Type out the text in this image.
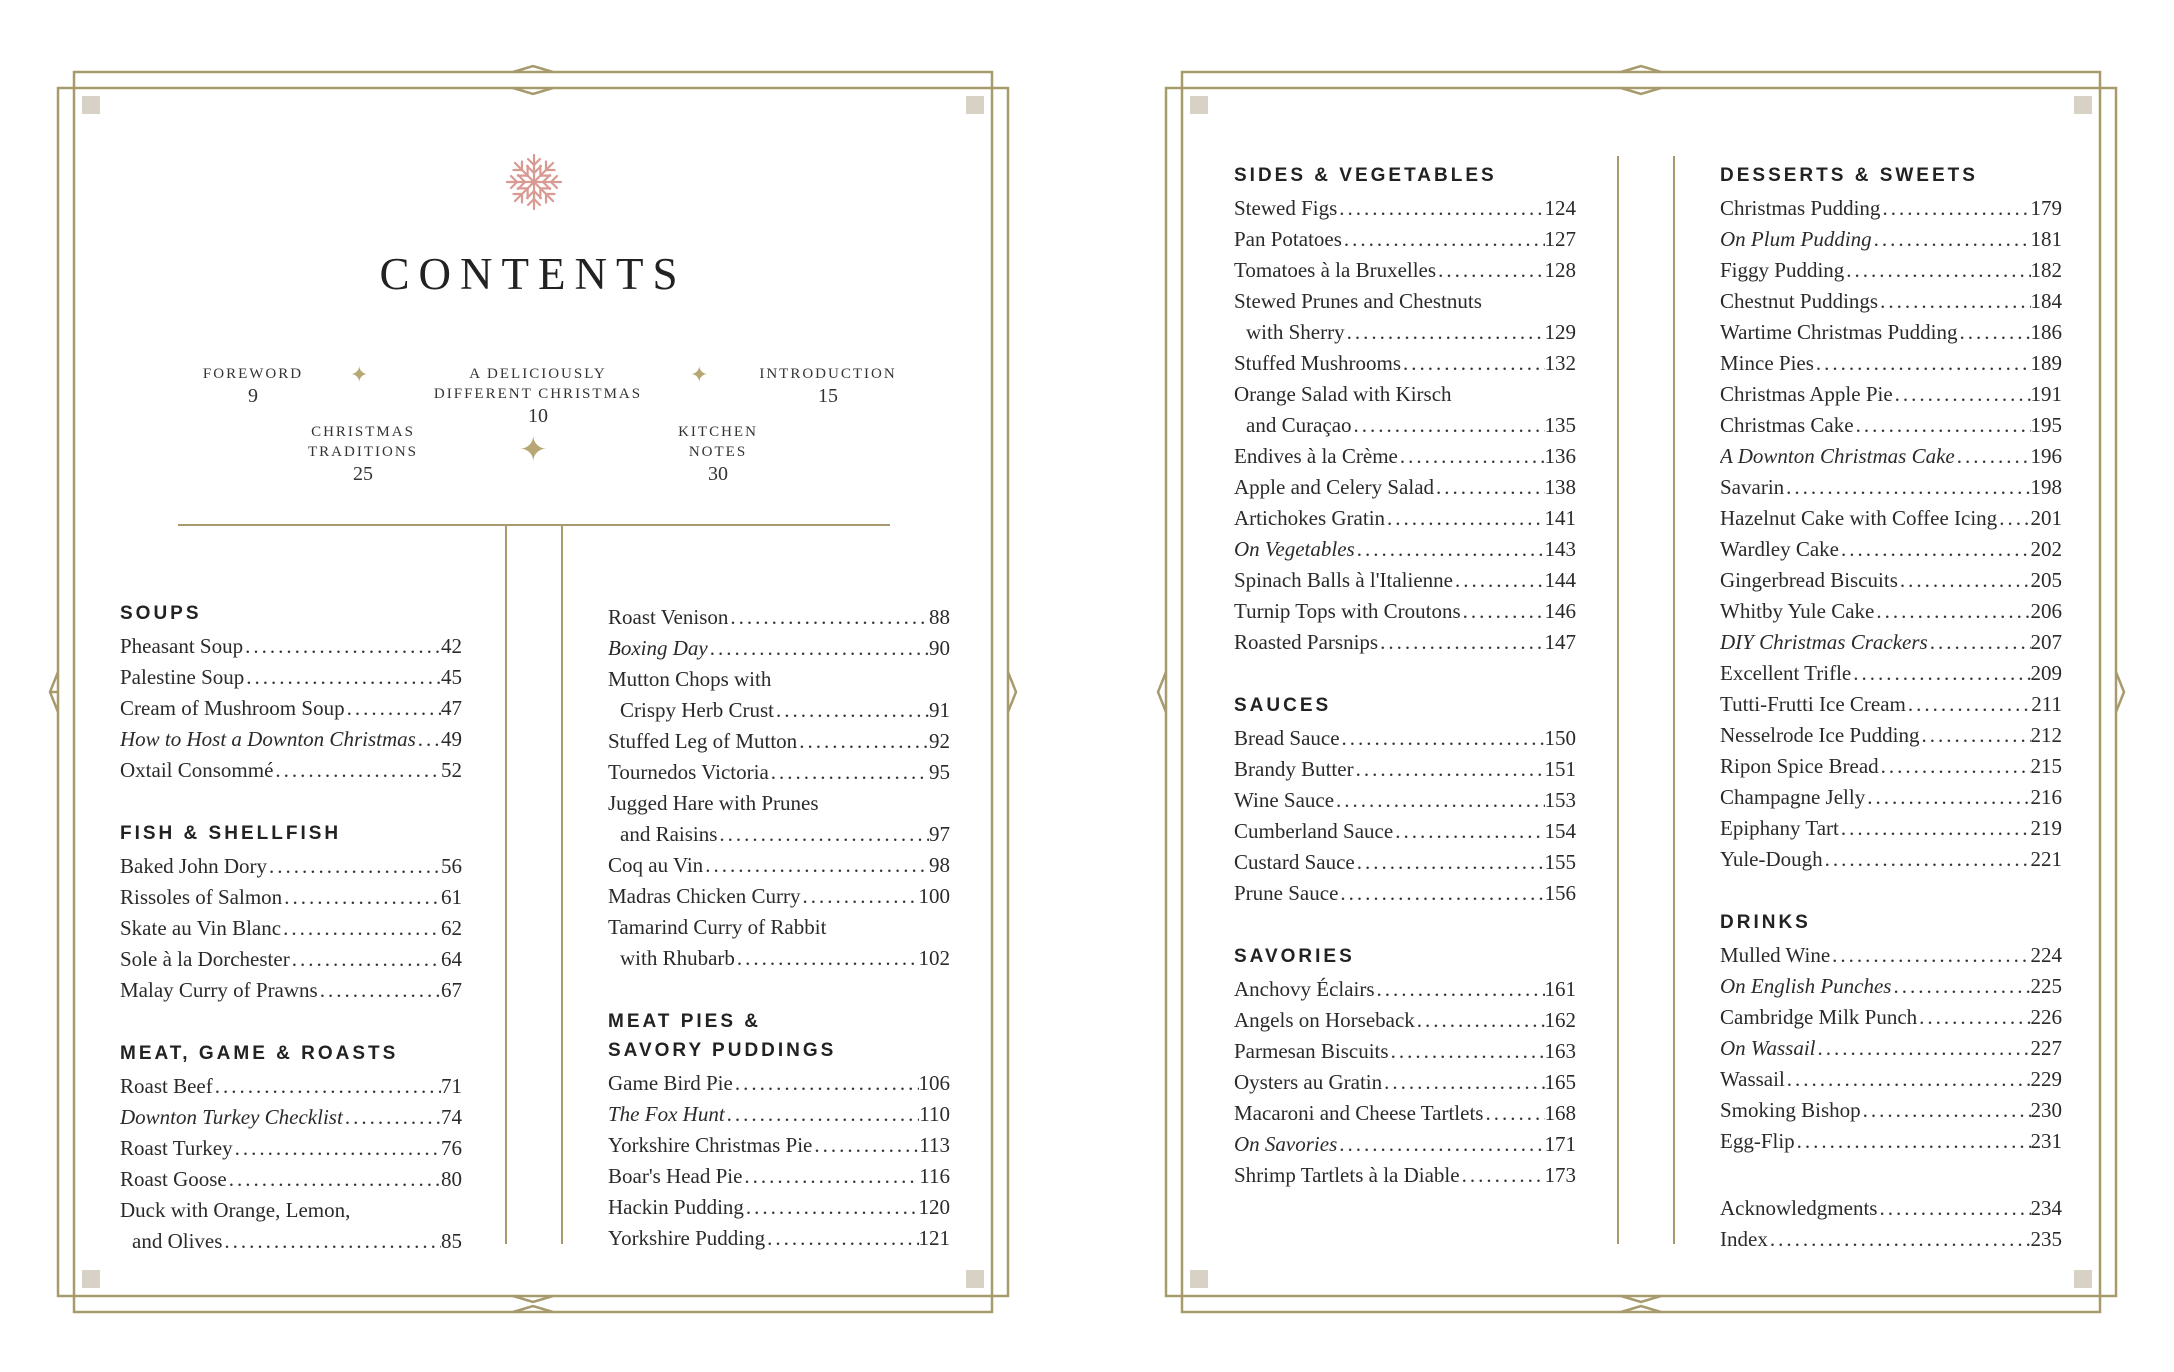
CONTENTS
FOREWORD
9
A DELICIOUSLY
DIFFERENT CHRISTMAS
10
INTRODUCTION
15
CHRISTMAS
TRADITIONS
25
KITCHEN
NOTES
30
✦	✦
✦
SOUPS
Pheasant Soup .....	42
Palestine Soup .....	45
Cream of Mushroom Soup .....	47
How to Host a Downton Christmas ..... 49
Oxtail Consommé .....	52
FISH & SHELLFISH
Baked John Dory .....	56
Rissoles of Salmon .....	61
Skate au Vin Blanc .....	62
Sole à la Dorchester .....	64
Malay Curry of Prawns .....	67
MEAT, GAME & ROASTS
Roast Beef .....	71
Downton Turkey Checklist .....	74
Roast Turkey .....	76
Roast Goose .....	80
Duck with Orange, Lemon,
and Olives .....	85
Roast Venison .....	88
Boxing Day .....	90
Mutton Chops with
Crispy Herb Crust .....	91
Stuffed Leg of Mutton .....	92
Tournedos Victoria .....	95
Jugged Hare with Prunes
and Raisins .....	97
Coq au Vin .....	98
Madras Chicken Curry .....	100
Tamarind Curry of Rabbit
with Rhubarb .....	102
MEAT PIES &
SAVORY PUDDINGS
Game Bird Pie .....	106
The Fox Hunt .....	110
Yorkshire Christmas Pie .....	113
Boar's Head Pie .....	116
Hackin Pudding .....	120
Yorkshire Pudding .....	121
SIDES & VEGETABLES
Stewed Figs .....	124
Pan Potatoes .....	127
Tomatoes à la Bruxelles .....	128
Stewed Prunes and Chestnuts
with Sherry .....	129
Stuffed Mushrooms .....	132
Orange Salad with Kirsch
and Curaçao .....	135
Endives à la Crème .....	136
Apple and Celery Salad .....	138
Artichokes Gratin .....	141
On Vegetables .....	143
Spinach Balls à l'Italienne .....	144
Turnip Tops with Croutons .....	146
Roasted Parsnips .....	147
SAUCES
Bread Sauce .....	150
Brandy Butter .....	151
Wine Sauce .....	153
Cumberland Sauce .....	154
Custard Sauce .....	155
Prune Sauce .....	156
SAVORIES
Anchovy Éclairs .....	161
Angels on Horseback .....	162
Parmesan Biscuits .....	163
Oysters au Gratin .....	165
Macaroni and Cheese Tartlets .....	168
On Savories .....	171
Shrimp Tartlets à la Diable .....	173
DESSERTS & SWEETS
Christmas Pudding .....	179
On Plum Pudding .....	181
Figgy Pudding .....	182
Chestnut Puddings .....	184
Wartime Christmas Pudding .....	186
Mince Pies .....	189
Christmas Apple Pie .....	191
Christmas Cake .....	195
A Downton Christmas Cake .....	196
Savarin .....	198
Hazelnut Cake with Coffee Icing ..... 201
Wardley Cake .....	202
Gingerbread Biscuits .....	205
Whitby Yule Cake .....	206
DIY Christmas Crackers .....	207
Excellent Trifle .....	209
Tutti-Frutti Ice Cream .....	211
Nesselrode Ice Pudding .....	212
Ripon Spice Bread .....	215
Champagne Jelly .....	216
Epiphany Tart .....	219
Yule-Dough .....	221
DRINKS
Mulled Wine .....	224
On English Punches .....	225
Cambridge Milk Punch .....	226
On Wassail .....	227
Wassail .....	229
Smoking Bishop .....	230
Egg-Flip .....	231
Acknowledgments .....	234
Index .....	235
